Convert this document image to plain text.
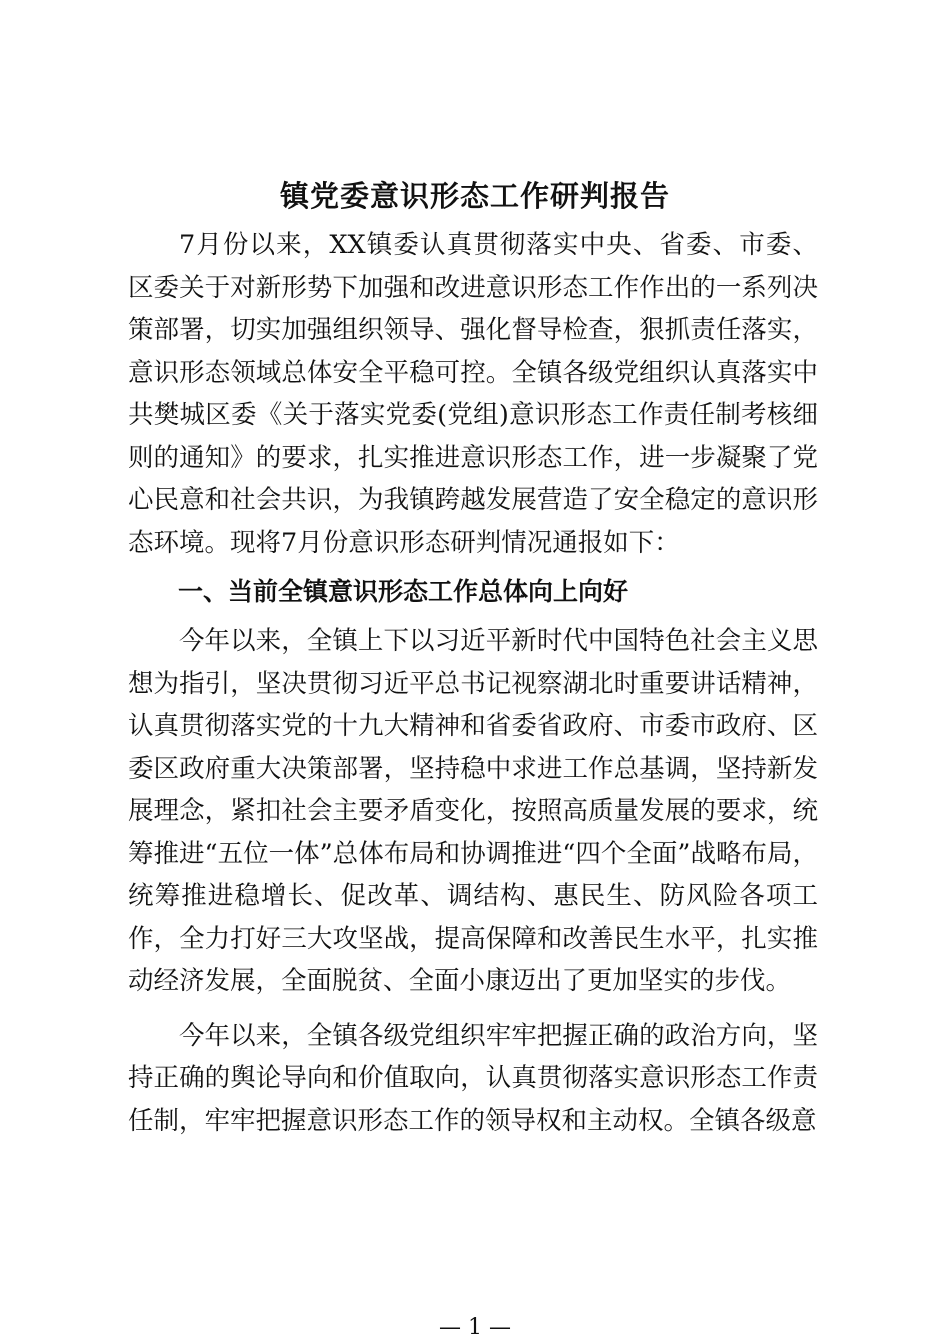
镇党委意识形态工作研判报告

7月份以来，XX镇委认真贯彻落实中央、省委、市委、区委关于对新形势下加强和改进意识形态工作作出的一系列决策部署，切实加强组织领导、强化督导检查，狠抓责任落实，意识形态领域总体安全平稳可控。全镇各级党组织认真落实中共樊城区委《关于落实党委(党组)意识形态工作责任制考核细则的通知》的要求，扎实推进意识形态工作，进一步凝聚了党心民意和社会共识，为我镇跨越发展营造了安全稳定的意识形态环境。现将7月份意识形态研判情况通报如下：

一、当前全镇意识形态工作总体向上向好

今年以来，全镇上下以习近平新时代中国特色社会主义思想为指引，坚决贯彻习近平总书记视察湖北时重要讲话精神，认真贯彻落实党的十九大精神和省委省政府、市委市政府、区委区政府重大决策部署，坚持稳中求进工作总基调，坚持新发展理念，紧扣社会主要矛盾变化，按照高质量发展的要求，统筹推进“五位一体”总体布局和协调推进“四个全面”战略布局，统筹推进稳增长、促改革、调结构、惠民生、防风险各项工作，全力打好三大攻坚战，提高保障和改善民生水平，扎实推动经济发展，全面脱贫、全面小康迈出了更加坚实的步伐。

今年以来，全镇各级党组织牢牢把握正确的政治方向，坚持正确的舆论导向和价值取向，认真贯彻落实意识形态工作责任制，牢牢把握意识形态工作的领导权和主动权。全镇各级意

— 1 —
